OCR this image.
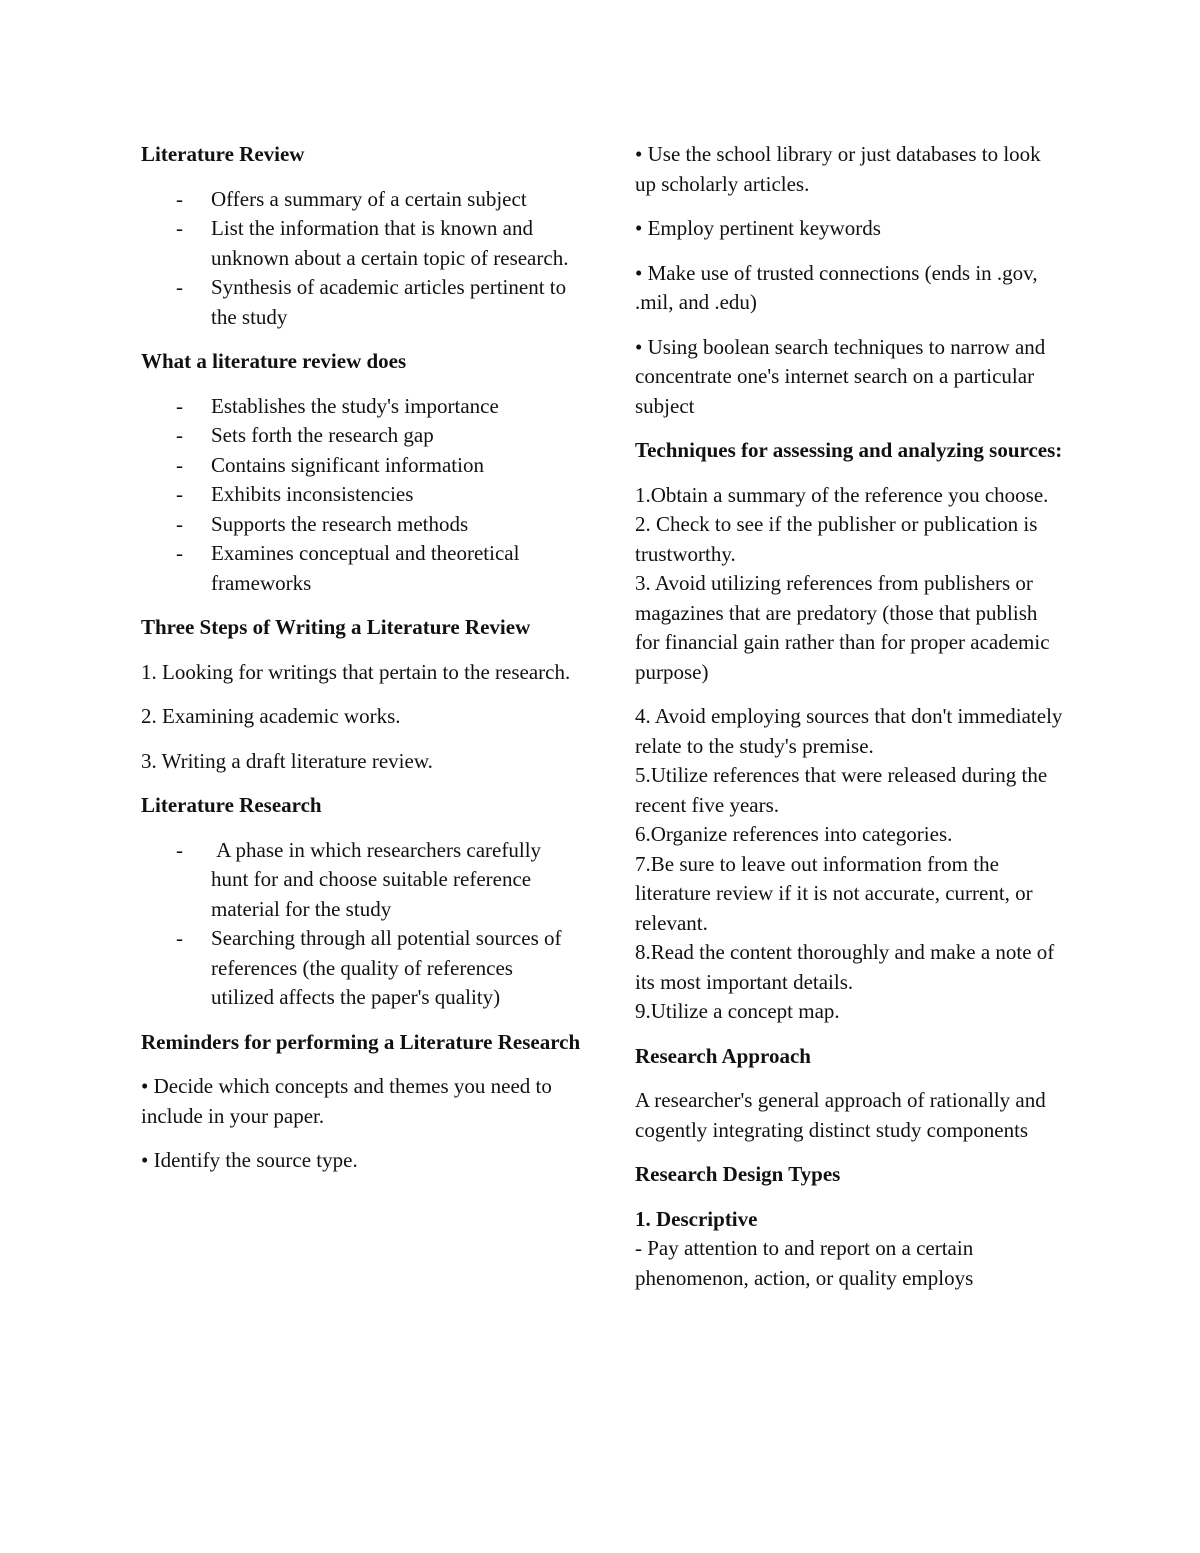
Literature Review
- Offers a summary of a certain subject
- List the information that is known and unknown about a certain topic of research.
- Synthesis of academic articles pertinent to the study
What a literature review does
- Establishes the study's importance
- Sets forth the research gap
- Contains significant information
- Exhibits inconsistencies
- Supports the research methods
- Examines conceptual and theoretical frameworks
Three Steps of Writing a Literature Review

1. Looking for writings that pertain to the research.

2. Examining academic works.

3. Writing a draft literature review.

Literature Research
-  A phase in which researchers carefully hunt for and choose suitable reference material for the study
- Searching through all potential sources of references (the quality of references utilized affects the paper's quality)
Reminders for performing a Literature Research

• Decide which concepts and themes you need to include in your paper.

• Identify the source type.

• Use the school library or just databases to look up scholarly articles.

• Employ pertinent keywords

• Make use of trusted connections (ends in .gov, .mil, and .edu)

• Using boolean search techniques to narrow and concentrate one's internet search on a particular subject

Techniques for assessing and analyzing sources:
1.Obtain a summary of the reference you choose.
2. Check to see if the publisher or publication is trustworthy.
3. Avoid utilizing references from publishers or magazines that are predatory (those that publish for financial gain rather than for proper academic purpose)
4. Avoid employing sources that don't immediately relate to the study's premise.
5.Utilize references that were released during the recent five years.
6.Organize references into categories.
7.Be sure to leave out information from the literature review if it is not accurate, current, or relevant.
8.Read the content thoroughly and make a note of its most important details.
9.Utilize a concept map.
Research Approach

A researcher's general approach of rationally and cogently integrating distinct study components

Research Design Types
1. Descriptive

- Pay attention to and report on a certain phenomenon, action, or quality employs
